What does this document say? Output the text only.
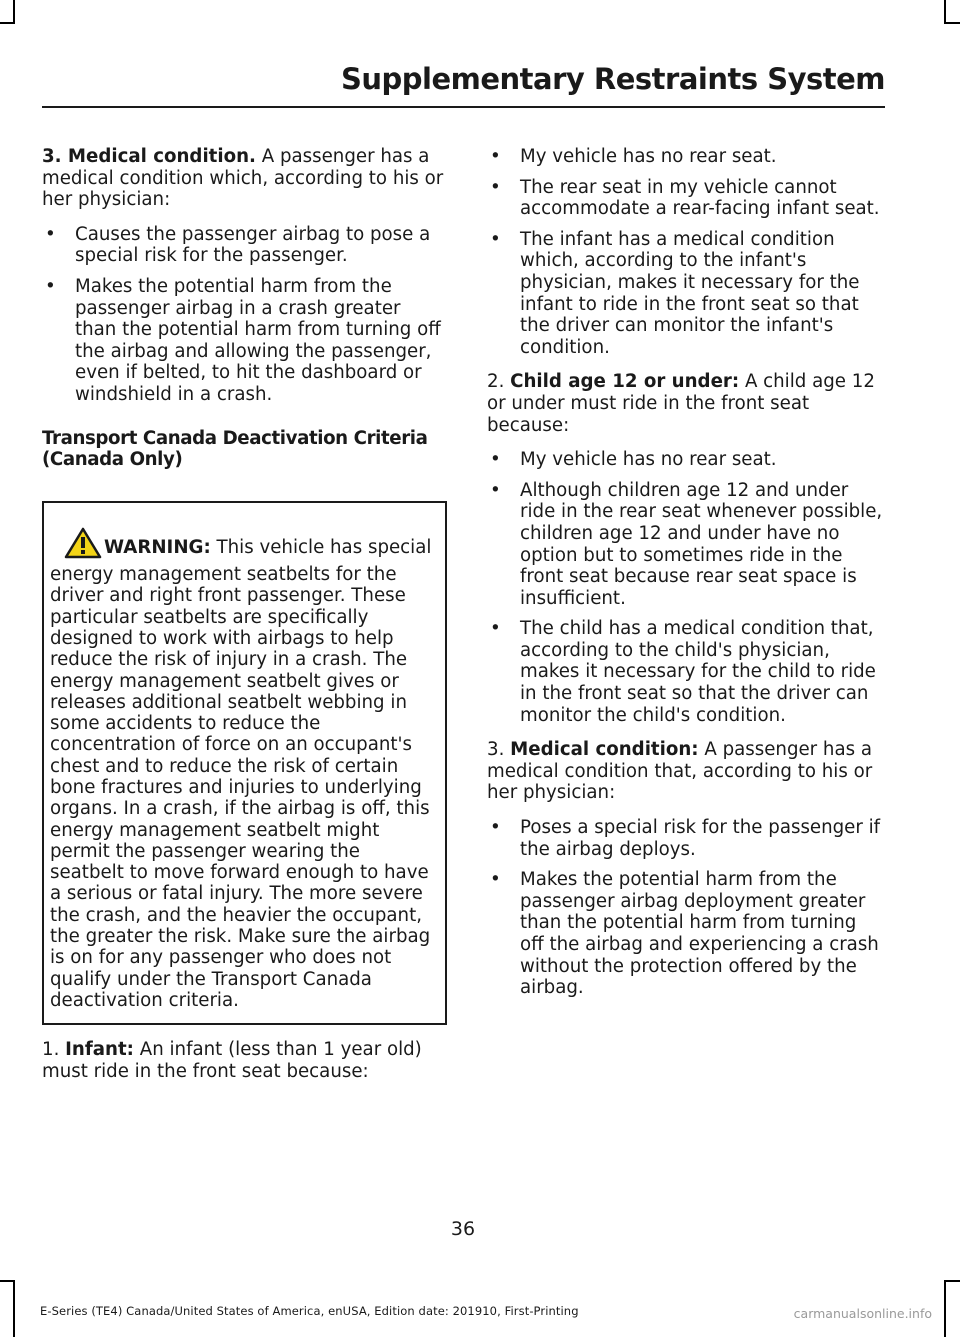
Supplementary Restraints System

3. Medical condition. A passenger has a medical condition which, according to his or her physician:

• Causes the passenger airbag to pose a special risk for the passenger.
• Makes the potential harm from the passenger airbag in a crash greater than the potential harm from turning off the airbag and allowing the passenger, even if belted, to hit the dashboard or windshield in a crash.
Transport Canada Deactivation Criteria (Canada Only)
WARNING: This vehicle has special energy management seatbelts for the driver and right front passenger. These particular seatbelts are specifically designed to work with airbags to help reduce the risk of injury in a crash. The energy management seatbelt gives or releases additional seatbelt webbing in some accidents to reduce the concentration of force on an occupant's chest and to reduce the risk of certain bone fractures and injuries to underlying organs. In a crash, if the airbag is off, this energy management seatbelt might permit the passenger wearing the seatbelt to move forward enough to have a serious or fatal injury. The more severe the crash, and the heavier the occupant, the greater the risk. Make sure the airbag is on for any passenger who does not qualify under the Transport Canada deactivation criteria.

1. Infant: An infant (less than 1 year old) must ride in the front seat because:

• My vehicle has no rear seat.
• The rear seat in my vehicle cannot accommodate a rear-facing infant seat.
• The infant has a medical condition which, according to the infant's physician, makes it necessary for the infant to ride in the front seat so that the driver can monitor the infant's condition.

2. Child age 12 or under: A child age 12 or under must ride in the front seat because:

• My vehicle has no rear seat.
• Although children age 12 and under ride in the rear seat whenever possible, children age 12 and under have no option but to sometimes ride in the front seat because rear seat space is insufficient.
• The child has a medical condition that, according to the child's physician, makes it necessary for the child to ride in the front seat so that the driver can monitor the child's condition.

3. Medical condition: A passenger has a medical condition that, according to his or her physician:

• Poses a special risk for the passenger if the airbag deploys.
• Makes the potential harm from the passenger airbag deployment greater than the potential harm from turning off the airbag and experiencing a crash without the protection offered by the airbag.
36
E-Series (TE4) Canada/United States of America, enUSA, Edition date: 201910, First-Printing	carmanualsonline.info
